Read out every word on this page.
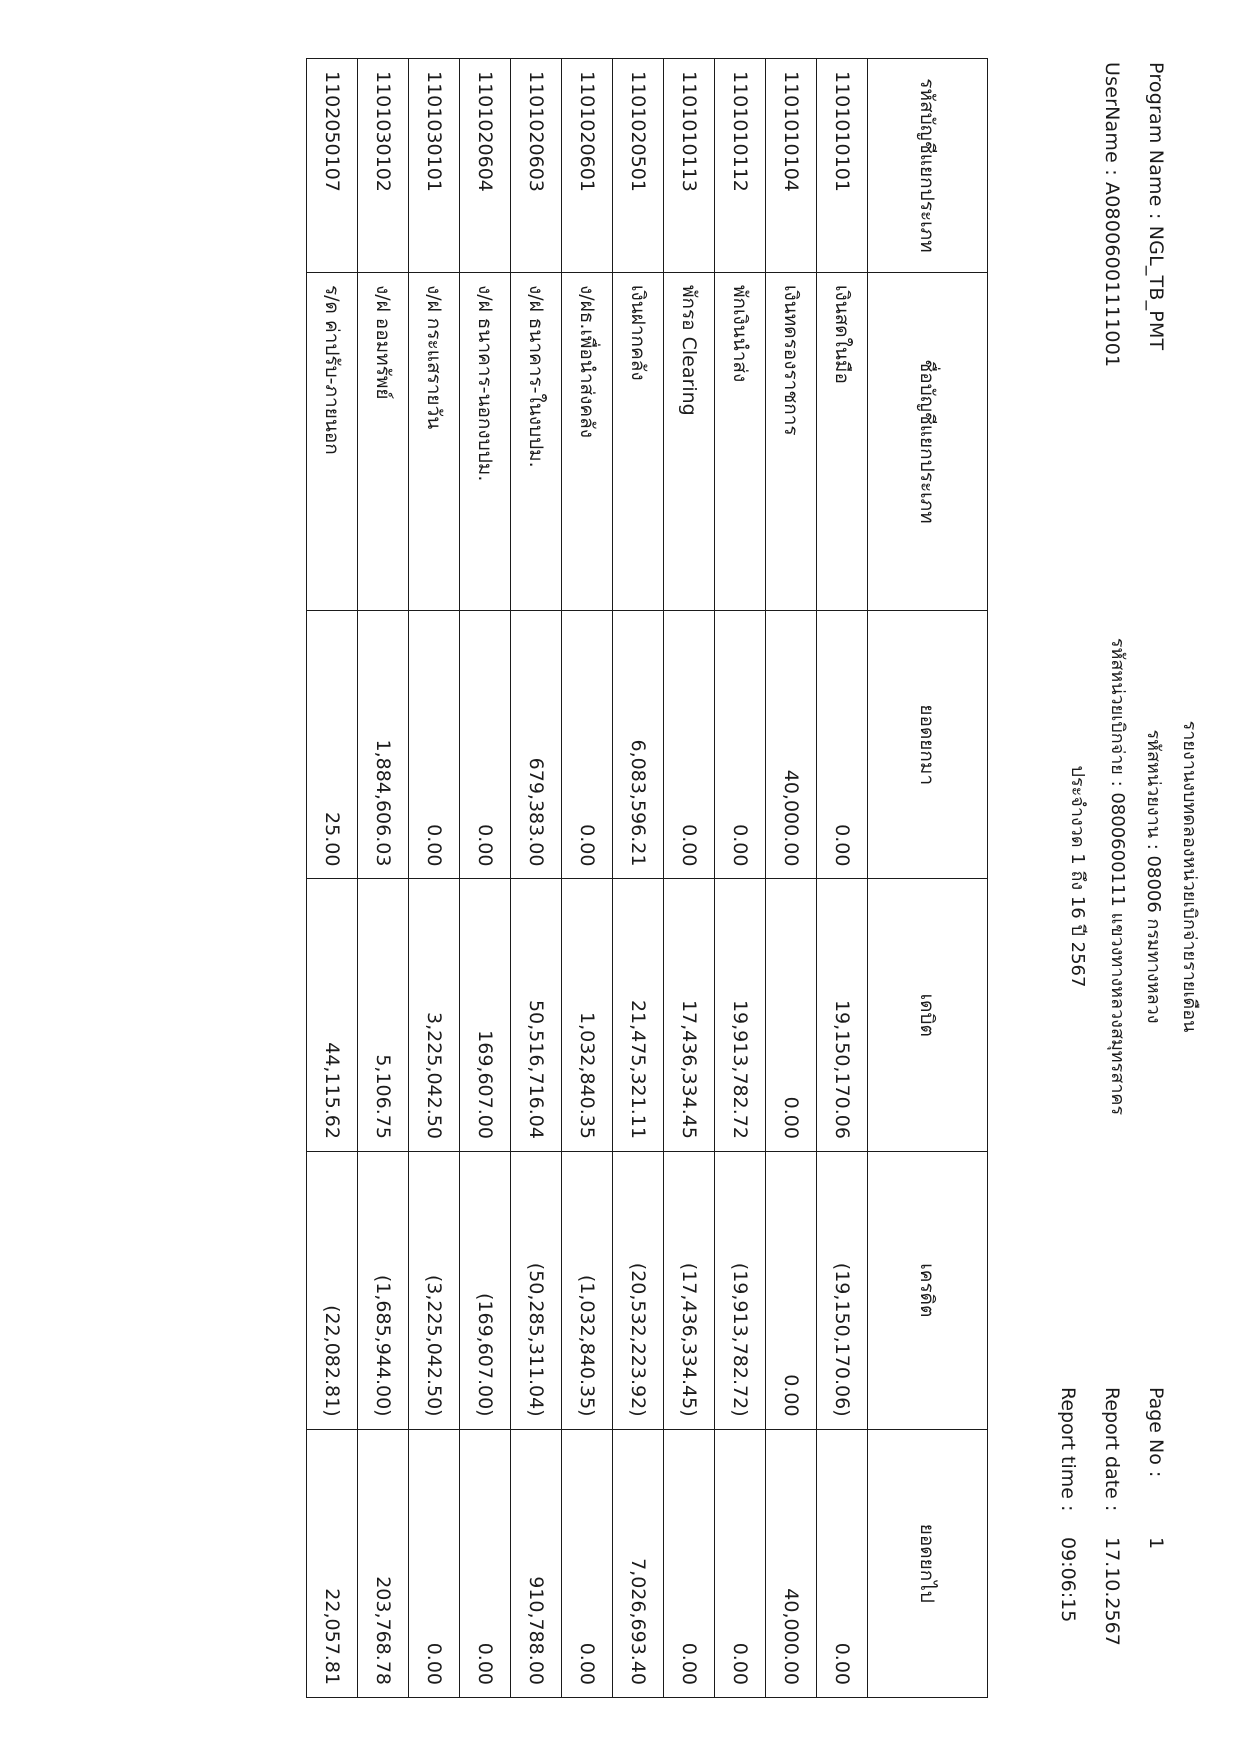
Program Name : NGL_TB_PMT
UserName : A08006001111001
รายงานงบทดลองหน่วยเบิกจ่ายรายเดือน
รหัสหน่วยงาน : 08006 กรมทางหลวง
รหัสหน่วยเบิกจ่าย : 0800600111 แขวงทางหลวงสมุทรสาคร
ประจำงวด 1 ถึง 16 ปี 2567
Page No :
1
Report date :
17.10.2567
Report time :
09:06:15
รหัสบัญชีแยกประเภท	ชื่อบัญชีแยกประเภท	ยอดยกมา	เดบิต	เครดิต	ยอดยกไป
1101010101	เงินสดในมือ	0.00	19,150,170.06	(19,150,170.06)	0.00
1101010104	เงินทดรองราชการ	40,000.00	0.00	0.00	40,000.00
1101010112	พักเงินนำส่ง	0.00	19,913,782.72	(19,913,782.72)	0.00
1101010113	พักรอ Clearing	0.00	17,436,334.45	(17,436,334.45)	0.00
1101020501	เงินฝากคลัง	6,083,596.21	21,475,321.11	(20,532,223.92)	7,026,693.40
1101020601	ง/ฝธ.เพื่อนำส่งคลัง	0.00	1,032,840.35	(1,032,840.35)	0.00
1101020603	ง/ฝ ธนาคาร-ในงบปม.	679,383.00	50,516,716.04	(50,285,311.04)	910,788.00
1101020604	ง/ฝ ธนาคาร-นอกงบปม.	0.00	169,607.00	(169,607.00)	0.00
1101030101	ง/ฝ กระแสรายวัน	0.00	3,225,042.50	(3,225,042.50)	0.00
1101030102	ง/ฝ ออมทรัพย์	1,884,606.03	5,106.75	(1,685,944.00)	203,768.78
1102050107	ร/ด ค่าปรับ-ภายนอก	25.00	44,115.62	(22,082.81)	22,057.81
